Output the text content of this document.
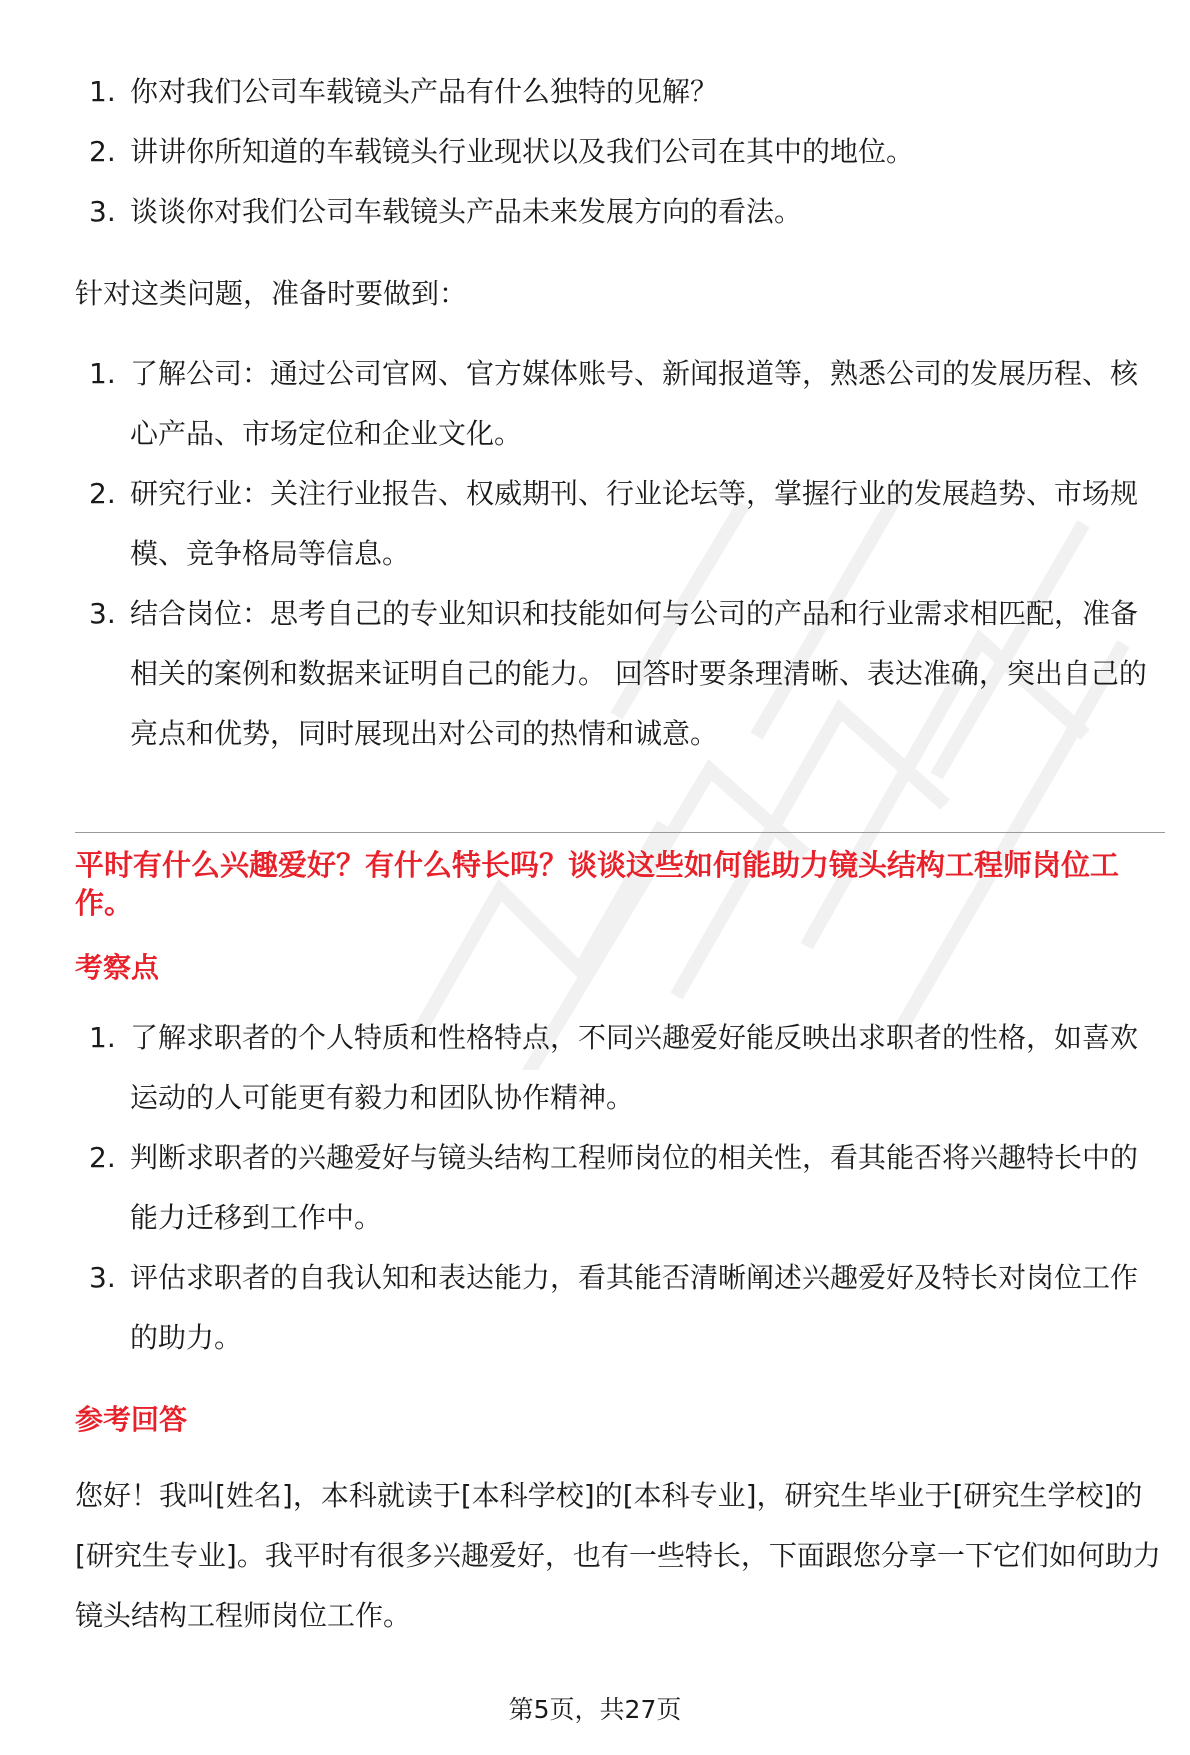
1. 你对我们公司车载镜头产品有什么独特的见解？
2. 讲讲你所知道的车载镜头行业现状以及我们公司在其中的地位。
3. 谈谈你对我们公司车载镜头产品未来发展方向的看法。

针对这类问题，准备时要做到：

1. 了解公司：通过公司官网、官方媒体账号、新闻报道等，熟悉公司的发展历程、核心产品、市场定位和企业文化。
2. 研究行业：关注行业报告、权威期刊、行业论坛等，掌握行业的发展趋势、市场规模、竞争格局等信息。
3. 结合岗位：思考自己的专业知识和技能如何与公司的产品和行业需求相匹配，准备相关的案例和数据来证明自己的能力。 回答时要条理清晰、表达准确，突出自己的亮点和优势，同时展现出对公司的热情和诚意。

平时有什么兴趣爱好？有什么特长吗？谈谈这些如何能助力镜头结构工程师岗位工作。

考察点

1. 了解求职者的个人特质和性格特点，不同兴趣爱好能反映出求职者的性格，如喜欢运动的人可能更有毅力和团队协作精神。
2. 判断求职者的兴趣爱好与镜头结构工程师岗位的相关性，看其能否将兴趣特长中的能力迁移到工作中。
3. 评估求职者的自我认知和表达能力，看其能否清晰阐述兴趣爱好及特长对岗位工作的助力。

参考回答

您好！我叫[姓名]，本科就读于[本科学校]的[本科专业]，研究生毕业于[研究生学校]的[研究生专业]。我平时有很多兴趣爱好，也有一些特长，下面跟您分享一下它们如何助力镜头结构工程师岗位工作。

第5页，共27页
